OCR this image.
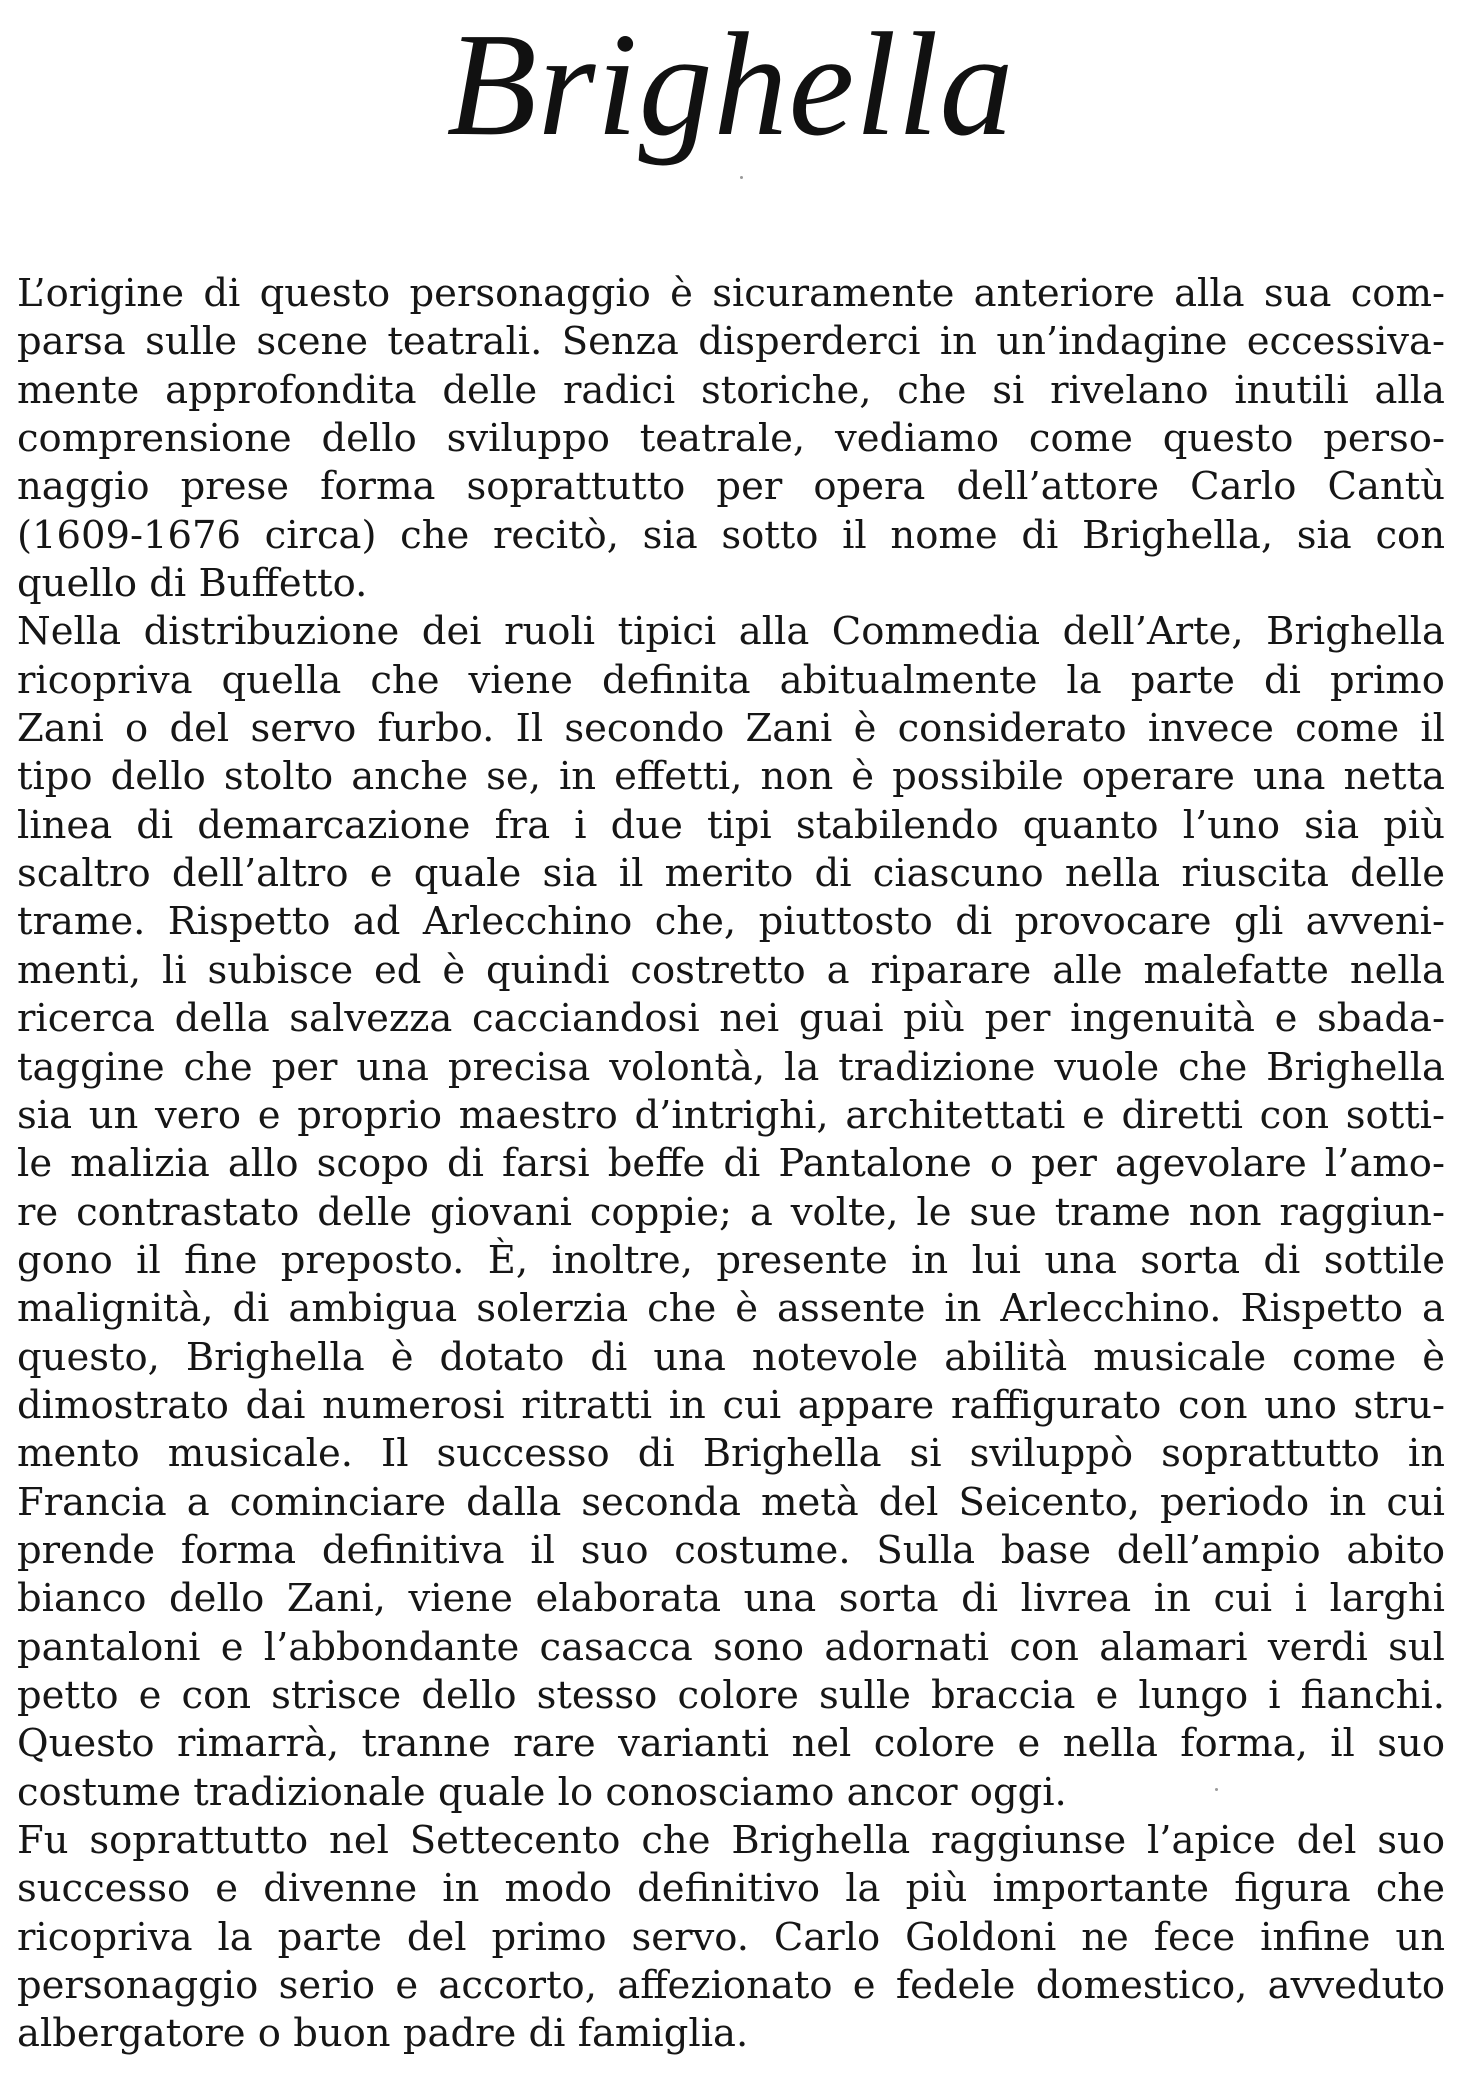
Brighella
L’origine di questo personaggio è sicuramente anteriore alla sua com-
parsa sulle scene teatrali. Senza disperderci in un’indagine eccessiva-
mente approfondita delle radici storiche, che si rivelano inutili alla
comprensione dello sviluppo teatrale, vediamo come questo perso-
naggio prese forma soprattutto per opera dell’attore Carlo Cantù
(1609-1676 circa) che recitò, sia sotto il nome di Brighella, sia con
quello di Buffetto.
Nella distribuzione dei ruoli tipici alla Commedia dell’Arte, Brighella
ricopriva quella che viene definita abitualmente la parte di primo
Zani o del servo furbo. Il secondo Zani è considerato invece come il
tipo dello stolto anche se, in effetti, non è possibile operare una netta
linea di demarcazione fra i due tipi stabilendo quanto l’uno sia più
scaltro dell’altro e quale sia il merito di ciascuno nella riuscita delle
trame. Rispetto ad Arlecchino che, piuttosto di provocare gli avveni-
menti, li subisce ed è quindi costretto a riparare alle malefatte nella
ricerca della salvezza cacciandosi nei guai più per ingenuità e sbada-
taggine che per una precisa volontà, la tradizione vuole che Brighella
sia un vero e proprio maestro d’intrighi, architettati e diretti con sotti-
le malizia allo scopo di farsi beffe di Pantalone o per agevolare l’amo-
re contrastato delle giovani coppie; a volte, le sue trame non raggiun-
gono il fine preposto. È, inoltre, presente in lui una sorta di sottile
malignità, di ambigua solerzia che è assente in Arlecchino. Rispetto a
questo, Brighella è dotato di una notevole abilità musicale come è
dimostrato dai numerosi ritratti in cui appare raffigurato con uno stru-
mento musicale. Il successo di Brighella si sviluppò soprattutto in
Francia a cominciare dalla seconda metà del Seicento, periodo in cui
prende forma definitiva il suo costume. Sulla base dell’ampio abito
bianco dello Zani, viene elaborata una sorta di livrea in cui i larghi
pantaloni e l’abbondante casacca sono adornati con alamari verdi sul
petto e con strisce dello stesso colore sulle braccia e lungo i fianchi.
Questo rimarrà, tranne rare varianti nel colore e nella forma, il suo
costume tradizionale quale lo conosciamo ancor oggi.
Fu soprattutto nel Settecento che Brighella raggiunse l’apice del suo
successo e divenne in modo definitivo la più importante figura che
ricopriva la parte del primo servo. Carlo Goldoni ne fece infine un
personaggio serio e accorto, affezionato e fedele domestico, avveduto
albergatore o buon padre di famiglia.
